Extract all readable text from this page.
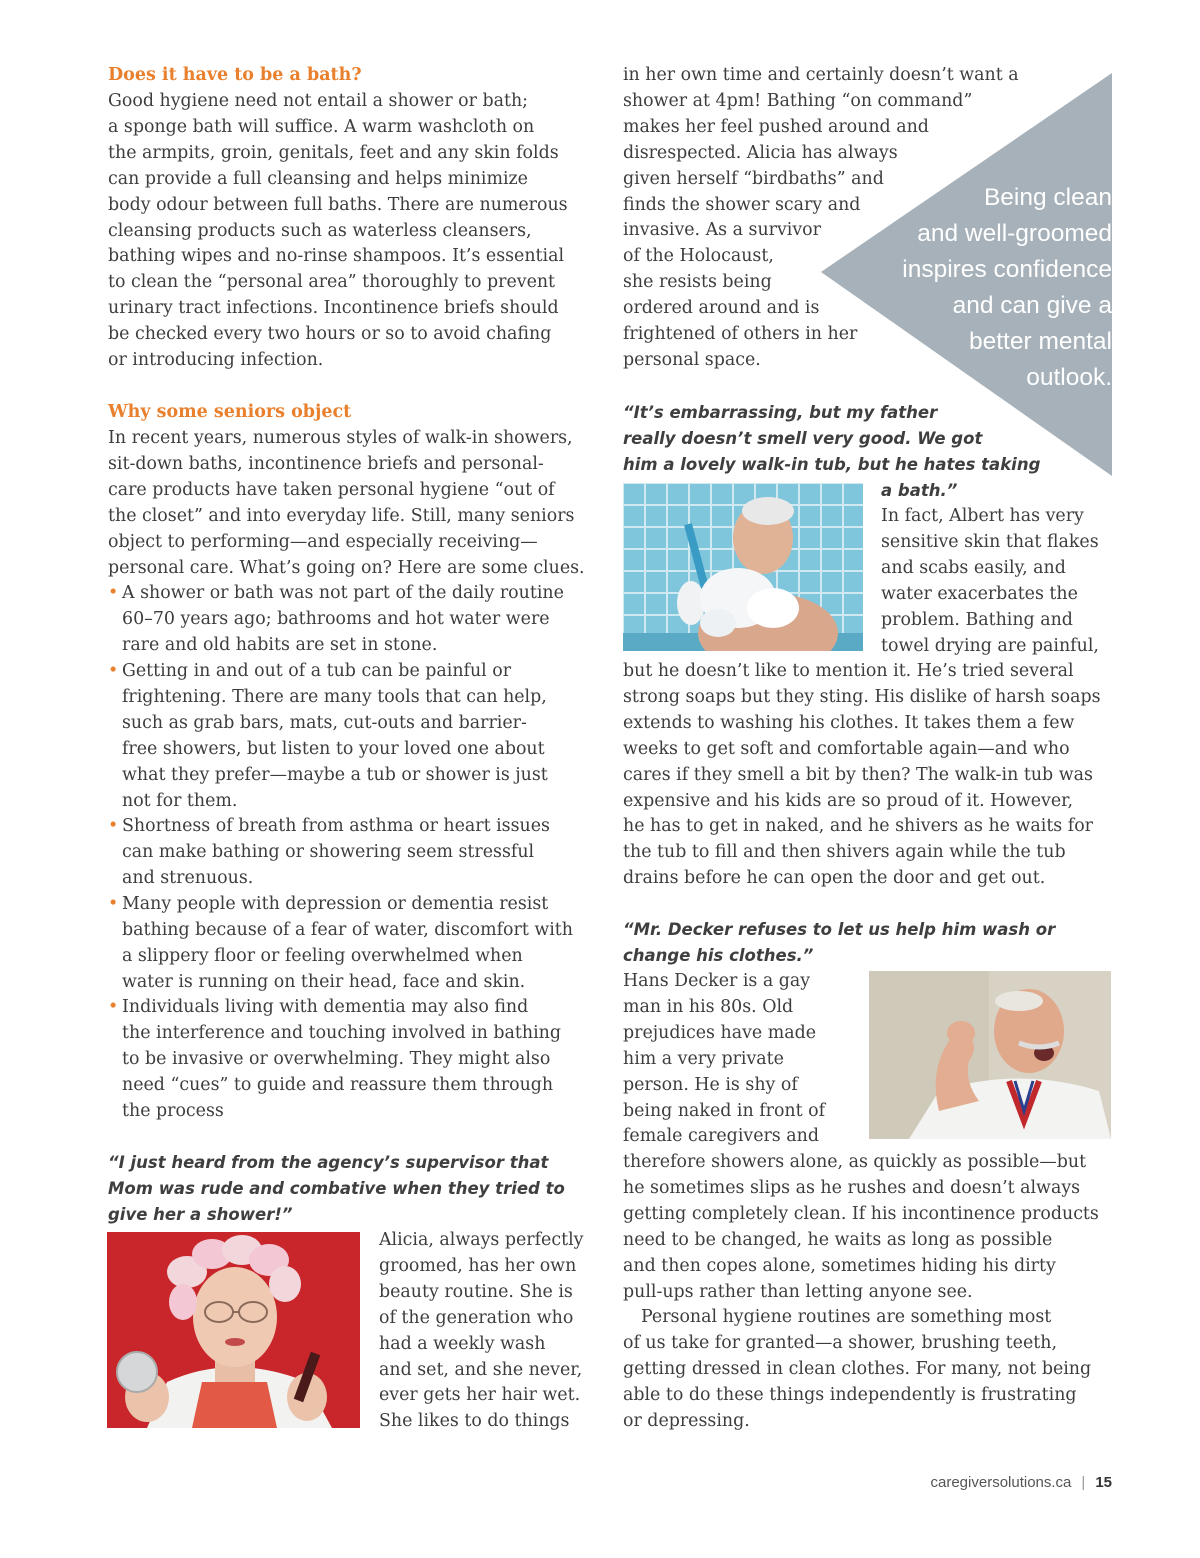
Does it have to be a bath?
Good hygiene need not entail a shower or bath;
a sponge bath will suffice. A warm washcloth on
the armpits, groin, genitals, feet and any skin folds
can provide a full cleansing and helps minimize
body odour between full baths. There are numerous
cleansing products such as waterless cleansers,
bathing wipes and no-rinse shampoos. It’s essential
to clean the “personal area” thoroughly to prevent
urinary tract infections. Incontinence briefs should
be checked every two hours or so to avoid chafing
or introducing infection.
Why some seniors object
In recent years, numerous styles of walk-in showers,
sit-down baths, incontinence briefs and personal-
care products have taken personal hygiene “out of
the closet” and into everyday life. Still, many seniors
object to performing—and especially receiving—
personal care. What’s going on? Here are some clues.
• A shower or bath was not part of the daily routine
60–70 years ago; bathrooms and hot water were
rare and old habits are set in stone.
• Getting in and out of a tub can be painful or
frightening. There are many tools that can help,
such as grab bars, mats, cut-outs and barrier-
free showers, but listen to your loved one about
what they prefer—maybe a tub or shower is just
not for them.
• Shortness of breath from asthma or heart issues
can make bathing or showering seem stressful
and strenuous.
• Many people with depression or dementia resist
bathing because of a fear of water, discomfort with
a slippery floor or feeling overwhelmed when
water is running on their head, face and skin.
• Individuals living with dementia may also find
the interference and touching involved in bathing
to be invasive or overwhelming. They might also
need “cues” to guide and reassure them through
the process
“I just heard from the agency’s supervisor that
Mom was rude and combative when they tried to
give her a shower!”
Alicia, always perfectly
groomed, has her own
beauty routine. She is
of the generation who
had a weekly wash
and set, and she never,
ever gets her hair wet.
She likes to do things
in her own time and certainly doesn’t want a
shower at 4pm! Bathing “on command”
makes her feel pushed around and
disrespected. Alicia has always
given herself “birdbaths” and
finds the shower scary and
invasive. As a survivor
of the Holocaust,
she resists being
ordered around and is
frightened of others in her
personal space.
Being clean
and well-groomed
inspires confidence
and can give a
better mental
outlook.
“It’s embarrassing, but my father
really doesn’t smell very good. We got
him a lovely walk-in tub, but he hates taking
a bath.”
In fact, Albert has very
sensitive skin that flakes
and scabs easily, and
water exacerbates the
problem. Bathing and
towel drying are painful,
but he doesn’t like to mention it. He’s tried several
strong soaps but they sting. His dislike of harsh soaps
extends to washing his clothes. It takes them a few
weeks to get soft and comfortable again—and who
cares if they smell a bit by then? The walk-in tub was
expensive and his kids are so proud of it. However,
he has to get in naked, and he shivers as he waits for
the tub to fill and then shivers again while the tub
drains before he can open the door and get out.
“Mr. Decker refuses to let us help him wash or
change his clothes.”
Hans Decker is a gay
man in his 80s. Old
prejudices have made
him a very private
person. He is shy of
being naked in front of
female caregivers and
therefore showers alone, as quickly as possible—but
he sometimes slips as he rushes and doesn’t always
getting completely clean. If his incontinence products
need to be changed, he waits as long as possible
and then copes alone, sometimes hiding his dirty
pull-ups rather than letting anyone see.
Personal hygiene routines are something most
of us take for granted—a shower, brushing teeth,
getting dressed in clean clothes. For many, not being
able to do these things independently is frustrating
or depressing.
caregiversolutions.ca | 15
